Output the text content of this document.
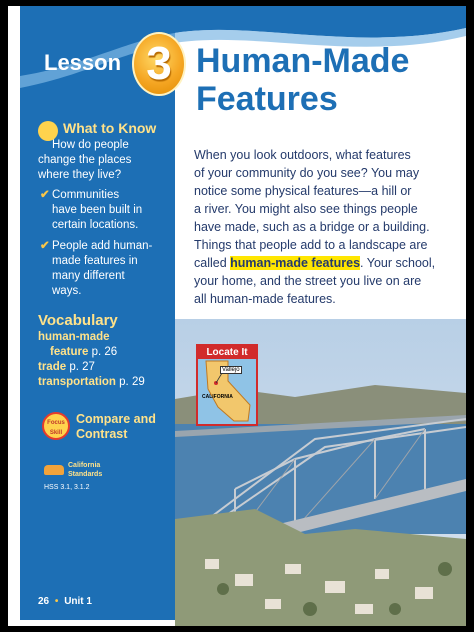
Lesson 3 Human-Made
Features
What to Know
How do people
change the places
where they live?
✔ Communities
have been built in
certain locations.
✔ People add human-
made features in
many different
ways.
Vocabulary
human-made
feature p. 26
trade p. 27
transportation p. 29
Focus Skill
Compare and
Contrast
California
Standards
HSS 3.1, 3.1.2
26 • Unit 1
When you look outdoors, what features
of your community do you see? You may
notice some physical features—a hill or
a river. You might also see things people
have made, such as a bridge or a building.
Things that people add to a landscape are
called human-made features. Your school,
your home, and the street you live on are
all human-made features.
Locate It
Vallejo
CALIFORNIA
